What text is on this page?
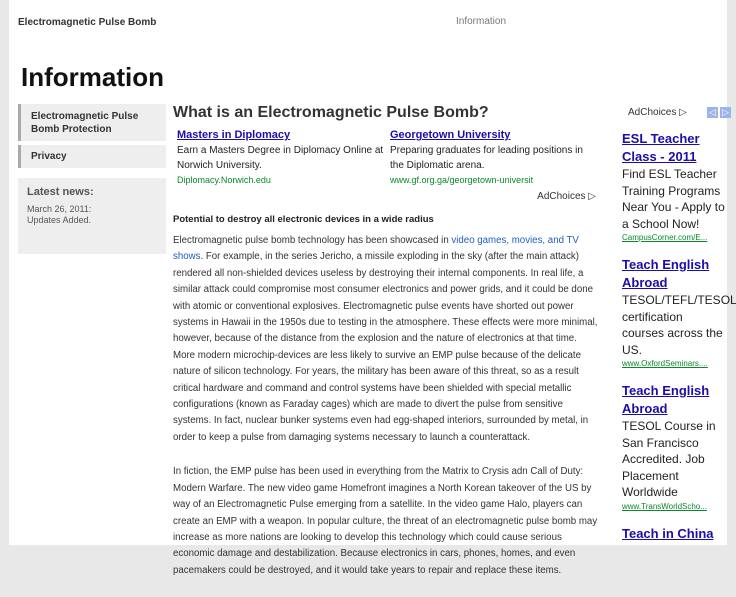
Electromagnetic Pulse Bomb	Information
Information
Electromagnetic Pulse Bomb Protection
Privacy
Latest news:
March 26, 2011:
Updates Added.
What is an Electromagnetic Pulse Bomb?
Masters in Diplomacy
Earn a Masters Degree in Diplomacy Online at Norwich University.
Diplomacy.Norwich.edu
Georgetown University
Preparing graduates for leading positions in the Diplomatic arena.
www.gf.org.ga/georgetown-universit
AdChoices ▷
Potential to destroy all electronic devices in a wide radius

Electromagnetic pulse bomb technology has been showcased in video games, movies, and TV shows. For example, in the series Jericho, a missile exploding in the sky (after the main attack) rendered all non-shielded devices useless by destroying their internal components. In real life, a similar attack could compromise most consumer electronics and power grids, and it could be done with atomic or conventional explosives. Electromagnetic pulse events have shorted out power systems in Hawaii in the 1950s due to testing in the atmosphere. These effects were more minimal, however, because of the distance from the explosion and the nature of electronics at that time. More modern microchip-devices are less likely to survive an EMP pulse because of the delicate nature of silicon technology. For years, the military has been aware of this threat, so as a result critical hardware and command and control systems have been shielded with special metallic configurations (known as Faraday cages) which are made to divert the pulse from sensitive systems. In fact, nuclear bunker systems even had egg-shaped interiors, surrounded by metal, in order to keep a pulse from damaging systems necessary to launch a counterattack.

In fiction, the EMP pulse has been used in everything from the Matrix to Crysis adn Call of Duty: Modern Warfare. The new video game Homefront imagines a North Korean takeover of the US by way of an Electromagnetic Pulse emerging from a satellite. In the video game Halo, players can create an EMP with a weapon. In popular culture, the threat of an electromagnetic pulse bomb may increase as more nations are looking to develop this technology which could cause serious economic damage and destabilization. Because electronics in cars, phones, homes, and even pacemakers could be destroyed, and it would take years to repair and replace these items.

AdChoices ▷ ◁ ▷
ESL Teacher Class - 2011
Find ESL Teacher Training Programs Near You - Apply to a School Now!
CampusCorner.com/E...
Teach English Abroad
TESOL/TEFL/TESOL certification courses across the US.
www.OxfordSeminars....
Teach English Abroad
TESOL Course in San Francisco Accredited. Job Placement Worldwide
www.TransWorldScho...
Teach in China
